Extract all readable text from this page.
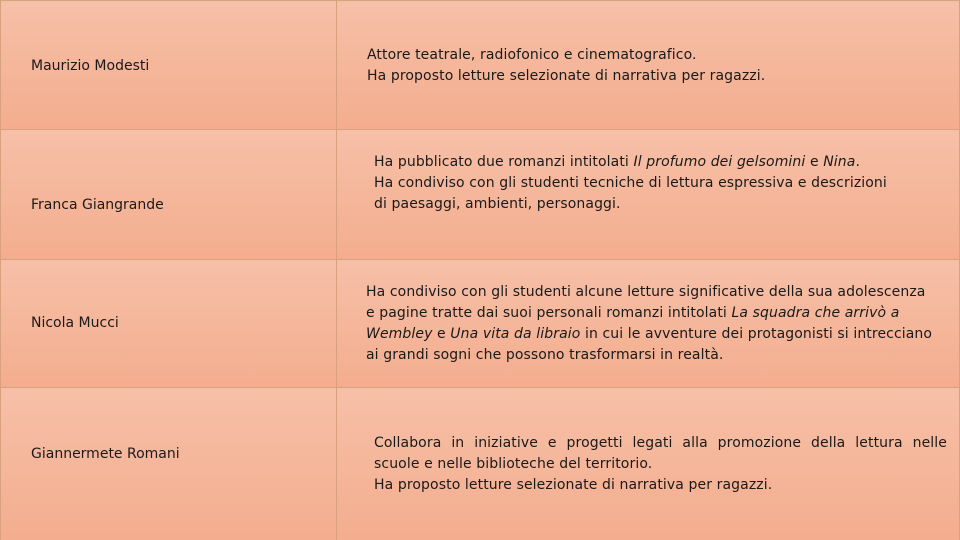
Maurizio Modesti

Attore teatrale, radiofonico e cinematografico.

Ha proposto letture selezionate di narrativa per ragazzi.

Franca Giangrande

Ha pubblicato due romanzi intitolati Il profumo dei gelsomini e Nina.

Ha condiviso con gli studenti tecniche di lettura espressiva e descrizioni

di paesaggi, ambienti, personaggi.

Nicola Mucci

Ha condiviso con gli studenti alcune letture significative della sua adolescenza

e pagine tratte dai suoi personali romanzi intitolati La squadra che arrivò a

Wembley e Una vita da libraio in cui le avventure dei protagonisti si intrecciano

ai grandi sogni che possono trasformarsi in realtà.

Giannermete Romani

Collabora in iniziative e progetti legati alla promozione della lettura nelle

scuole e nelle biblioteche del territorio.

Ha proposto letture selezionate di narrativa per ragazzi.
